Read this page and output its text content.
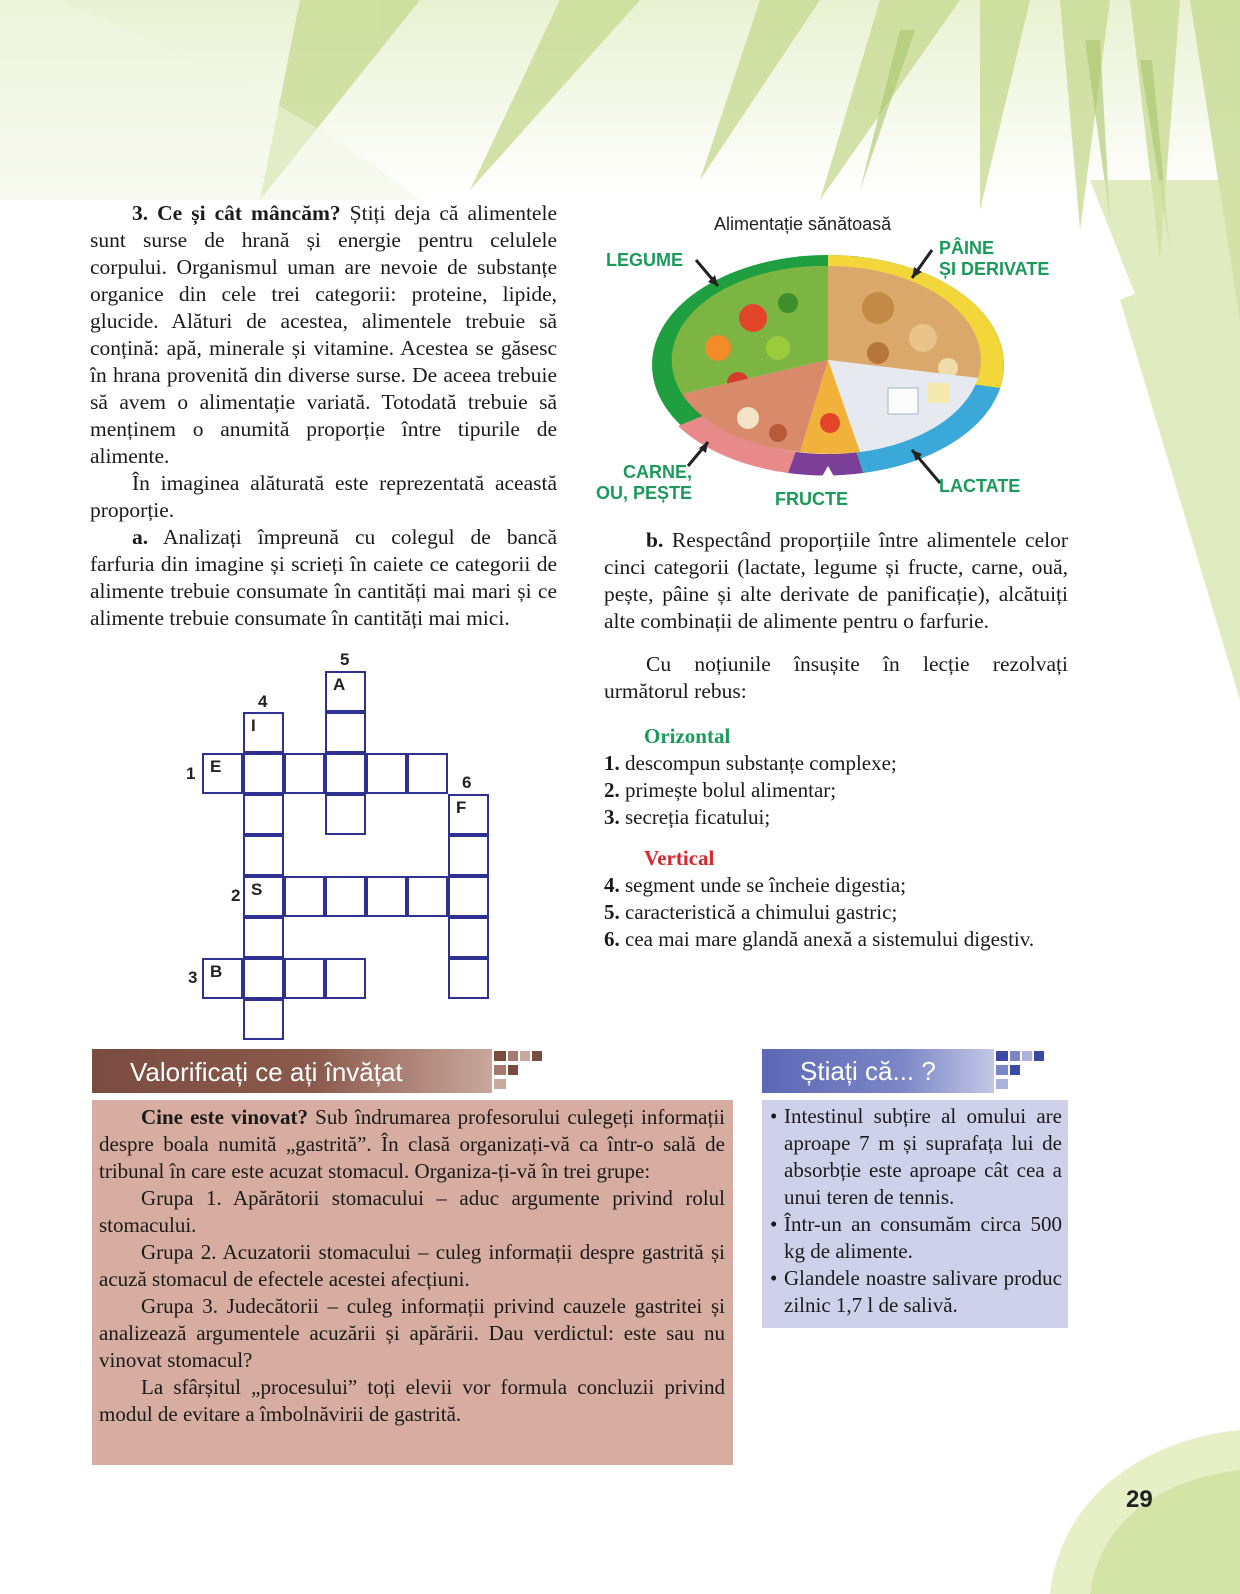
3. Ce și cât mâncăm? Știți deja că alimentele sunt surse de hrană și energie pentru celulele corpului. Organismul uman are nevoie de substanțe organice din cele trei categorii: proteine, lipide, glucide. Alături de acestea, alimentele trebuie să conțină: apă, minerale și vitamine. Acestea se găsesc în hrana provenită din diverse surse. De aceea trebuie să avem o alimentație variată. Totodată trebuie să menținem o anumită proporție între tipurile de alimente.

În imaginea alăturată este reprezentată această proporție.

a. Analizați împreună cu colegul de bancă farfuria din imagine și scrieți în caiete ce categorii de alimente trebuie consumate în cantități mai mari și ce alimente trebuie consumate în cantități mai mici.

Alimentație sănătoasă
LEGUME
PÂINE
ȘI DERIVATE
CARNE,
OU, PEȘTE	FRUCTE
LACTATE

b. Respectând proporțiile între alimentele celor cinci categorii (lactate, legume și fructe, carne, ouă, pește, pâine și alte derivate de panificație), alcătuiți alte combinații de alimente pentru o farfurie.

Cu noțiunile însușite în lecție rezolvați următorul rebus:

Orizontal

1. descompun substanțe complexe;

2. primește bolul alimentar;

3. secreția ficatului;

Vertical

4. segment unde se încheie digestia;

5. caracteristică a chimului gastric;

6. cea mai mare glandă anexă a sistemului digestiv.

E
I
A
F
S
B
1
2
3
4
5
6
Valorificați ce ați învățat

Cine este vinovat? Sub îndrumarea profesorului culegeți informații despre boala numită „gastrită”. În clasă organizați-vă ca într-o sală de tribunal în care este acuzat stomacul. Organiza-ți-vă în trei grupe:

Grupa 1. Apărătorii stomacului – aduc argumente privind rolul stomacului.

Grupa 2. Acuzatorii stomacului – culeg informații despre gastrită și acuză stomacul de efectele acestei afecțiuni.

Grupa 3. Judecătorii – culeg informații privind cauzele gastritei și analizează argumentele acuzării și apărării. Dau verdictul: este sau nu vinovat stomacul?

La sfârșitul „procesului” toți elevii vor formula concluzii privind modul de evitare a îmbolnăvirii de gastrită.

Știați că... ?
• Intestinul subțire al omului are aproape 7 m și suprafața lui de absorbție este aproape cât cea a unui teren de tennis.
• Într-un an consumăm circa 500 kg de alimente.
• Glandele noastre salivare produc zilnic 1,7 l de salivă.
29
